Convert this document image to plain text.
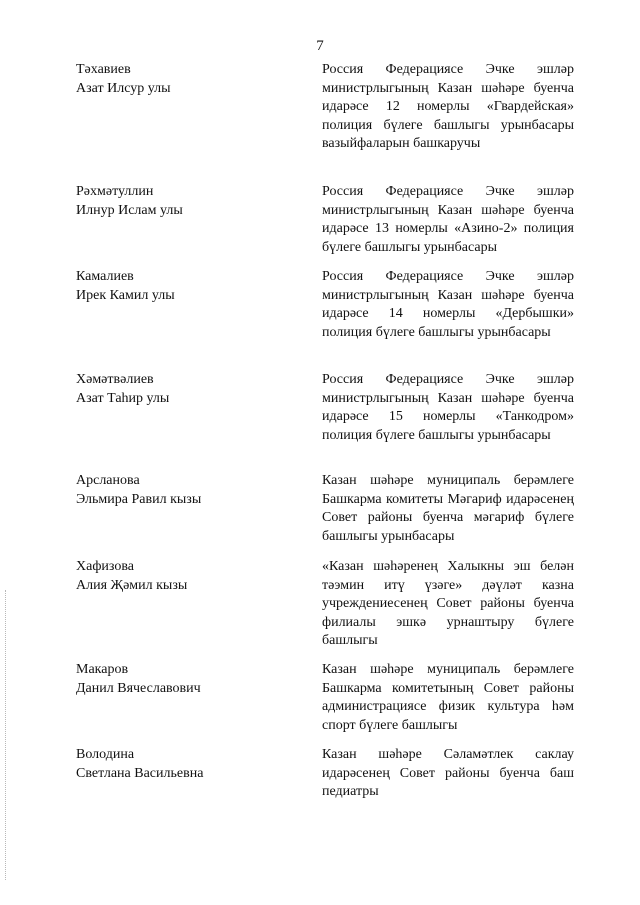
7
Тәхавиев
Азат Илсур улы
Россия Федерациясе Эчке эшләр министрлыгының Казан шәһәре буенча идарәсе 12 номерлы «Гвардейская» полиция бүлеге башлыгы урынбасары вазыйфаларын башкаручы
Рәхмәтуллин
Илнур Ислам улы
Россия Федерациясе Эчке эшләр министрлыгының Казан шәһәре буенча идарәсе 13 номерлы «Азино-2» полиция бүлеге башлыгы урынбасары
Камалиев
Ирек Камил улы
Россия Федерациясе Эчке эшләр министрлыгының Казан шәһәре буенча идарәсе 14 номерлы «Дербышки» полиция бүлеге башлыгы урынбасары
Хәмәтвәлиев
Азат Таһир улы
Россия Федерациясе Эчке эшләр министрлыгының Казан шәһәре буенча идарәсе 15 номерлы «Танкодром» полиция бүлеге башлыгы урынбасары
Арсланова
Эльмира Равил кызы
Казан шәһәре муниципаль берәмлеге Башкарма комитеты Мәгариф идарәсенең Совет районы буенча мәгариф бүлеге башлыгы урынбасары
Хафизова
Алия Җәмил кызы
«Казан шәһәренең Халыкны эш белән тәэмин итү үзәге» дәүләт казна учреждениесенең Совет районы буенча филиалы эшкә урнаштыру бүлеге башлыгы
Макаров
Данил Вячеславович
Казан шәһәре муниципаль берәмлеге Башкарма комитетының Совет районы администрациясе физик культура һәм спорт бүлеге башлыгы
Володина
Светлана Васильевна
Казан шәһәре Сәламәтлек саклау идарәсенең Совет районы буенча баш педиатры
